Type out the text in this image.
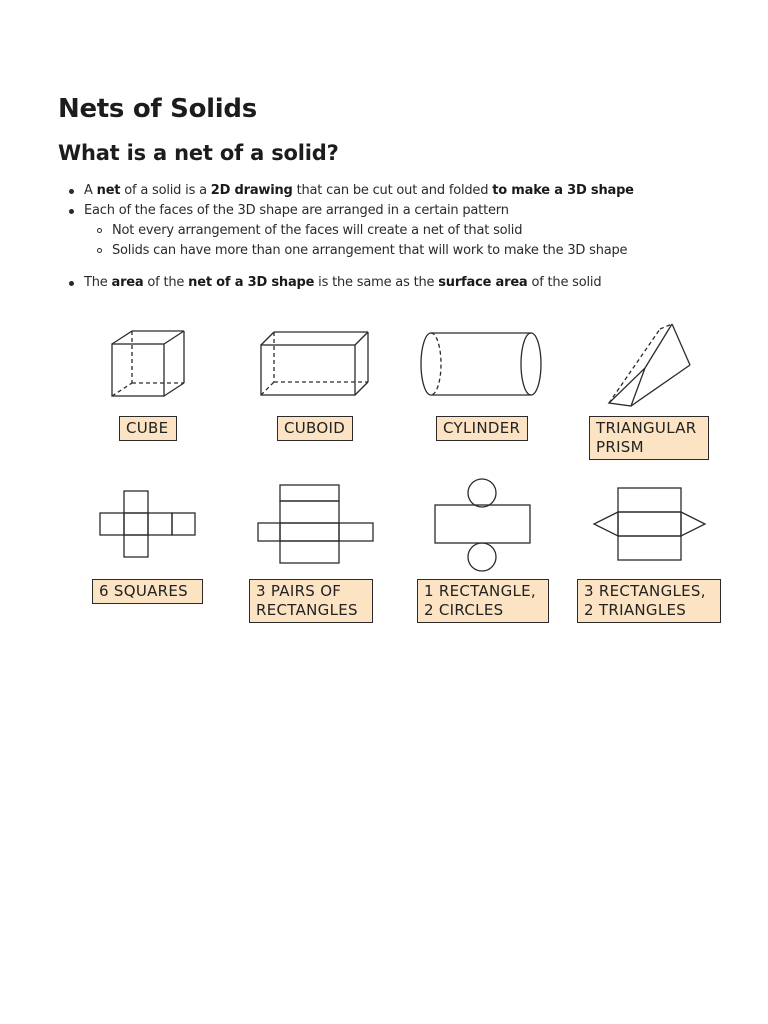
Nets of Solids
What is a net of a solid?
A net of a solid is a 2D drawing that can be cut out and folded to make a 3D shape
Each of the faces of the 3D shape are arranged in a certain pattern
Not every arrangement of the faces will create a net of that solid
Solids can have more than one arrangement that will work to make the 3D shape
The area of the net of a 3D shape is the same as the surface area of the solid
CUBE	CUBOID	CYLINDER	TRIANGULAR
PRISM
6 SQUARES	3 PAIRS OF
RECTANGLES
1 RECTANGLE,
2 CIRCLES
3 RECTANGLES,
2 TRIANGLES
